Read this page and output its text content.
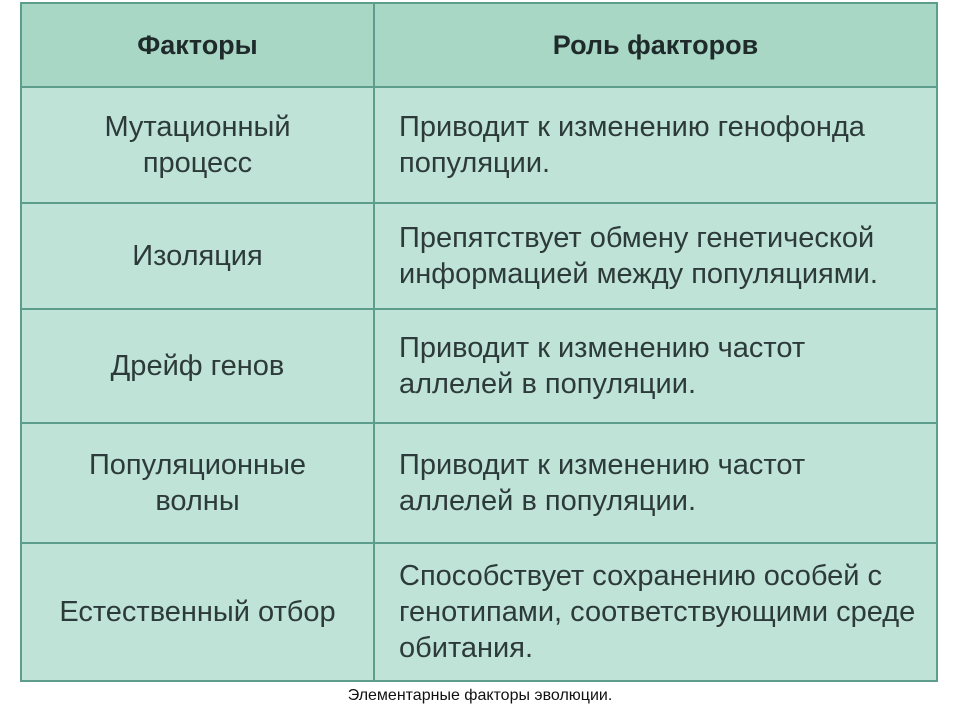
Факторы	Роль факторов
Мутационный
процесс
Приводит к изменению генофонда популяции.
Изоляция
Препятствует обмену генетической информацией между популяциями.
Дрейф генов
Приводит к изменению частот аллелей в популяции.
Популяционные
волны
Приводит к изменению частот аллелей в популяции.
Естественный отбор
Способствует сохранению особей с генотипами, соответствующими среде обитания.
Элементарные факторы эволюции.
